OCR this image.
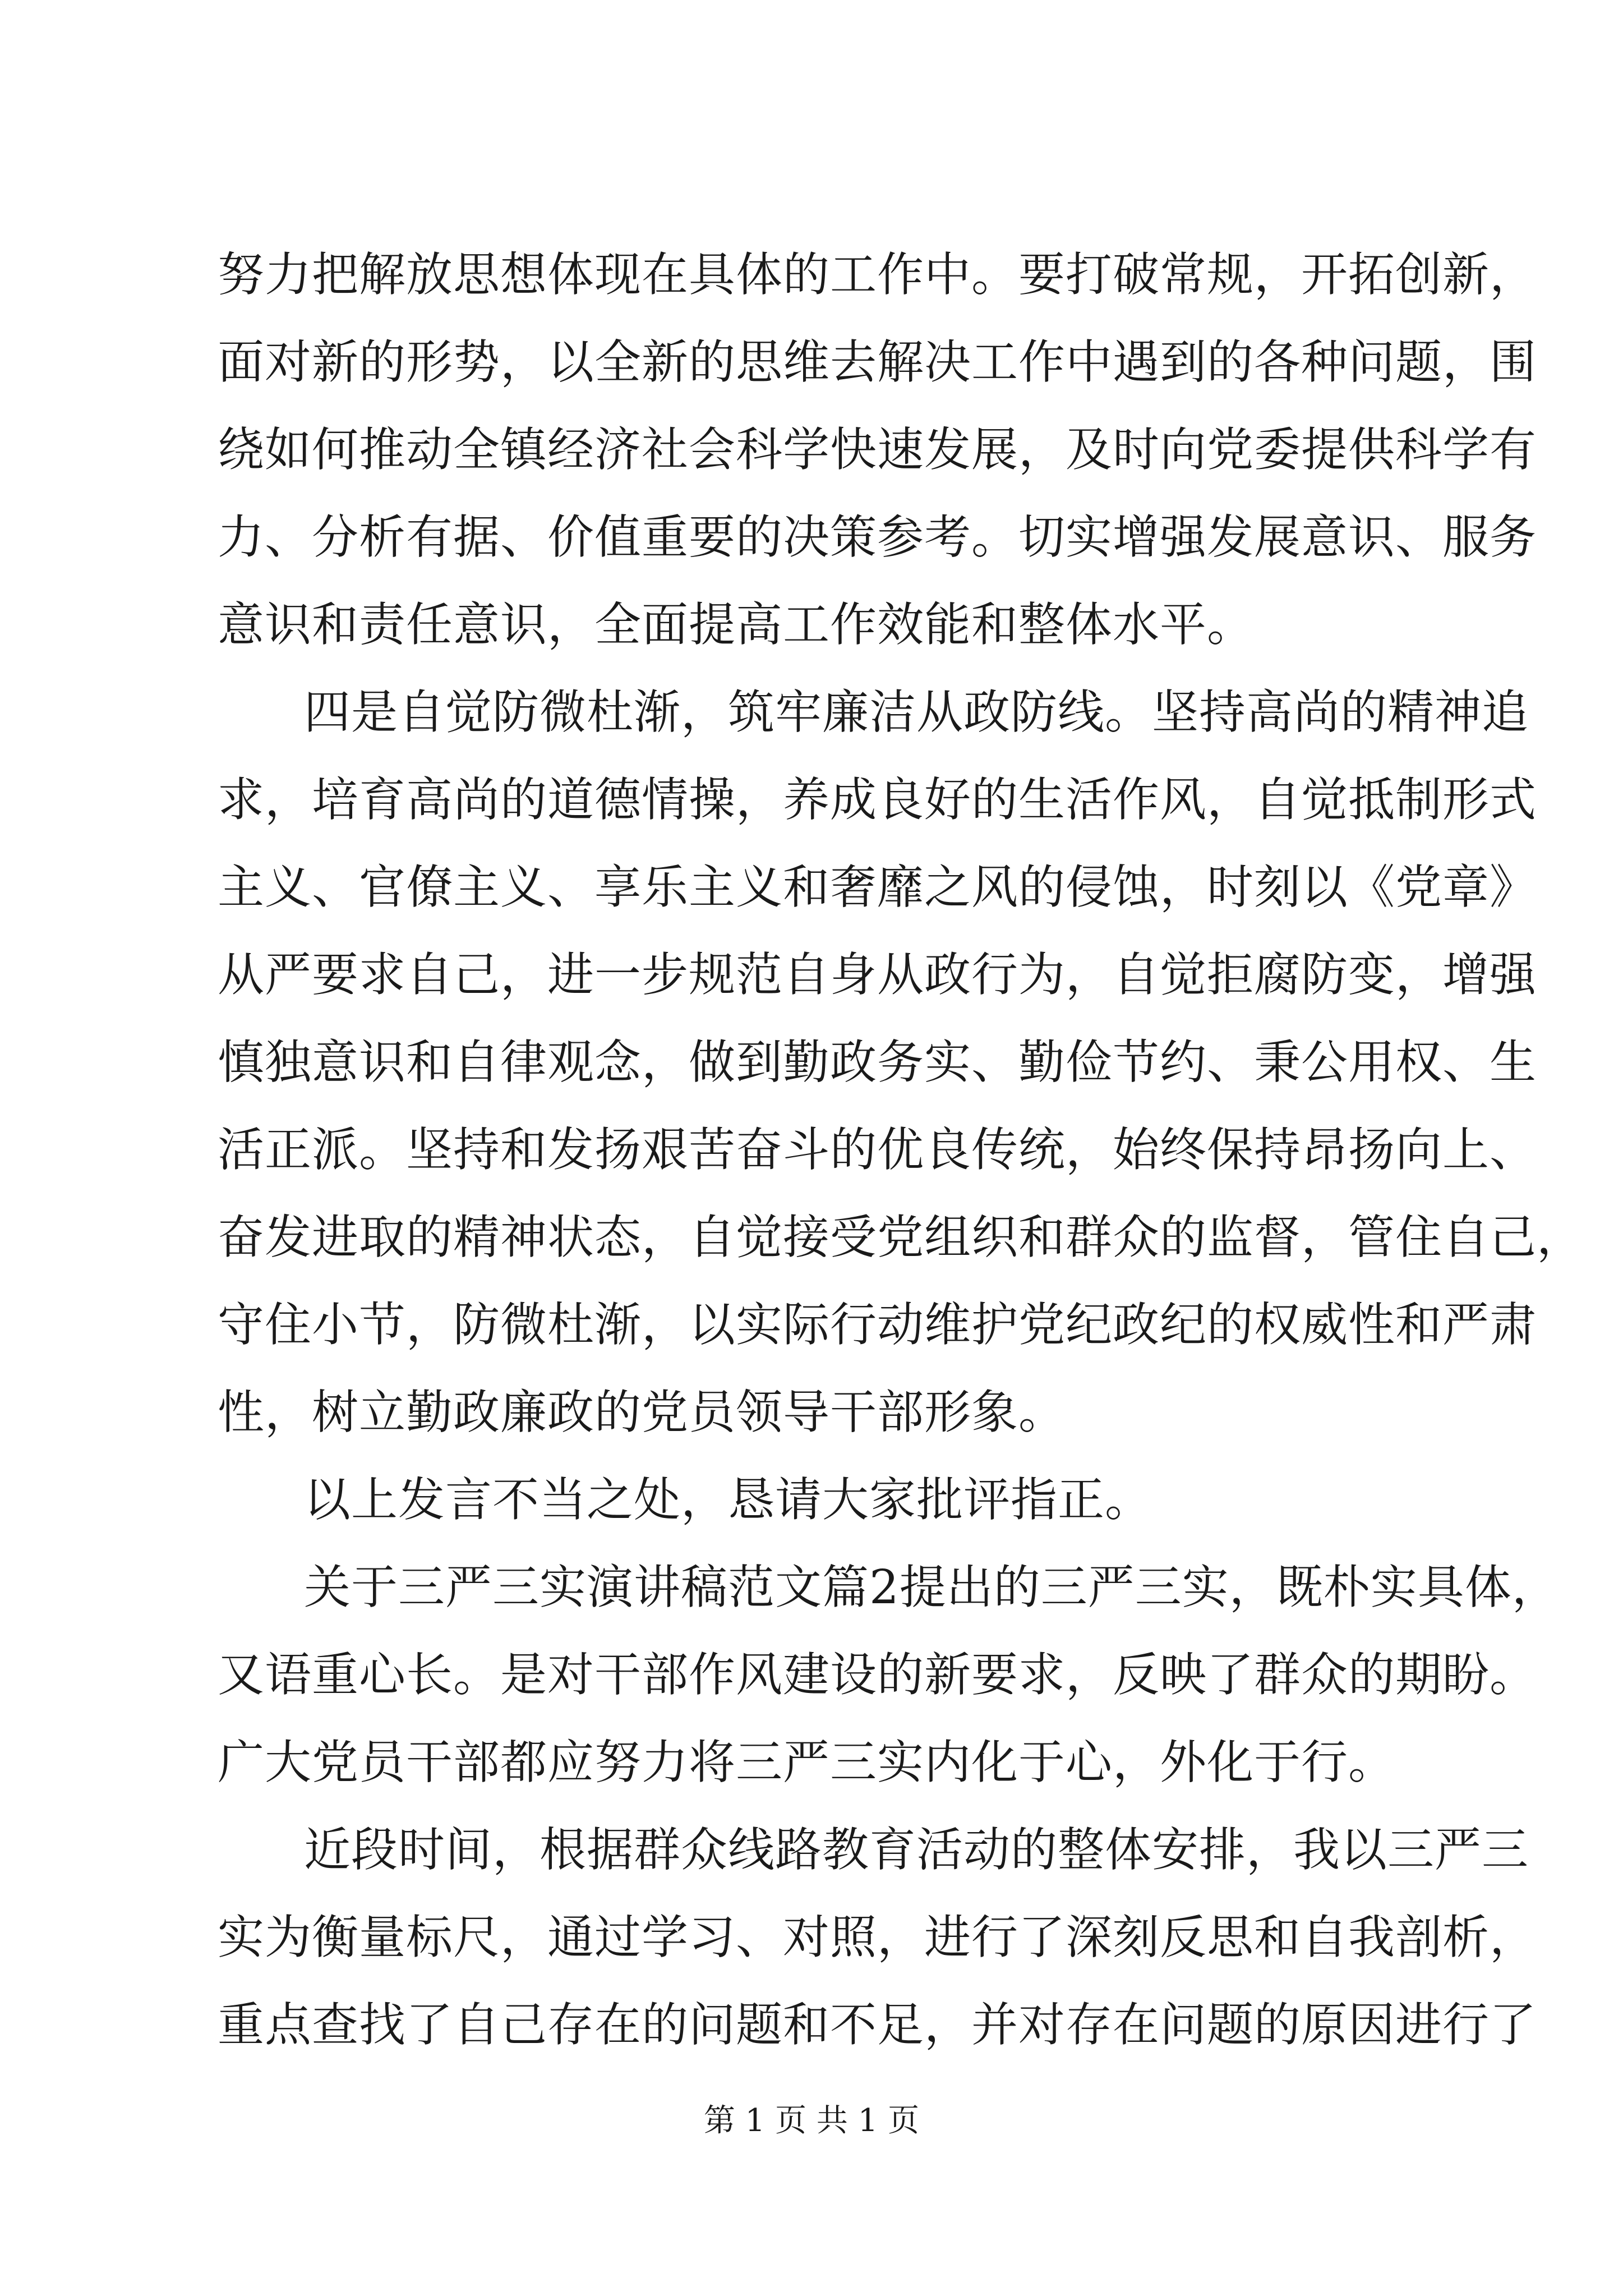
努力把解放思想体现在具体的工作中。要打破常规，开拓创新，
面对新的形势，以全新的思维去解决工作中遇到的各种问题，围
绕如何推动全镇经济社会科学快速发展，及时向党委提供科学有
力、分析有据、价值重要的决策参考。切实增强发展意识、服务
意识和责任意识，全面提高工作效能和整体水平。
四是自觉防微杜渐，筑牢廉洁从政防线。坚持高尚的精神追
求，培育高尚的道德情操，养成良好的生活作风，自觉抵制形式
主义、官僚主义、享乐主义和奢靡之风的侵蚀，时刻以《党章》
从严要求自己，进一步规范自身从政行为，自觉拒腐防变，增强
慎独意识和自律观念，做到勤政务实、勤俭节约、秉公用权、生
活正派。坚持和发扬艰苦奋斗的优良传统，始终保持昂扬向上、
奋发进取的精神状态，自觉接受党组织和群众的监督，管住自己，
守住小节，防微杜渐，以实际行动维护党纪政纪的权威性和严肃
性，树立勤政廉政的党员领导干部形象。
以上发言不当之处，恳请大家批评指正。
关于三严三实演讲稿范文篇2提出的三严三实，既朴实具体，
又语重心长。是对干部作风建设的新要求，反映了群众的期盼。
广大党员干部都应努力将三严三实内化于心，外化于行。
近段时间，根据群众线路教育活动的整体安排，我以三严三
实为衡量标尺，通过学习、对照，进行了深刻反思和自我剖析，
重点查找了自己存在的问题和不足，并对存在问题的原因进行了
第 1 页 共 1 页
